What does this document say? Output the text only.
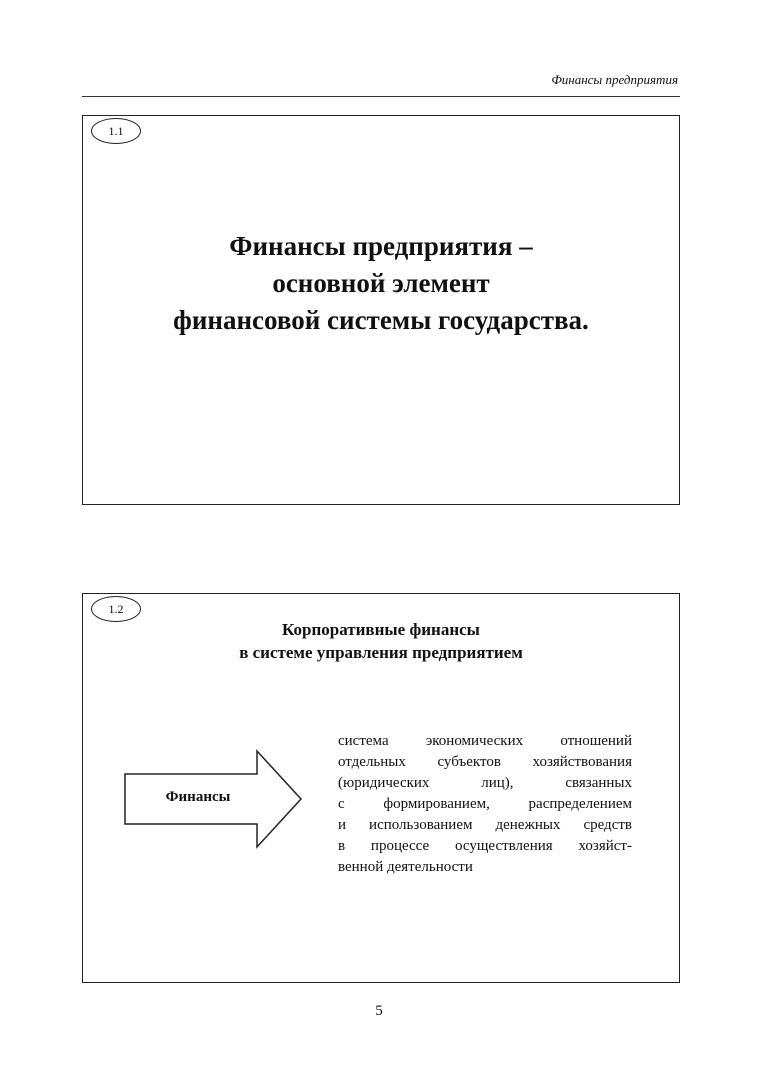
Финансы предприятия
1.1
Финансы предприятия –
основной элемент
финансовой системы государства.
1.2
Корпоративные финансы
в системе управления предприятием
Финансы
система экономических отношений
отдельных субъектов хозяйствования
(юридических лиц), связанных
с формированием, распределением
и использованием денежных средств
в процессе осуществления хозяйст-
венной деятельности
5
